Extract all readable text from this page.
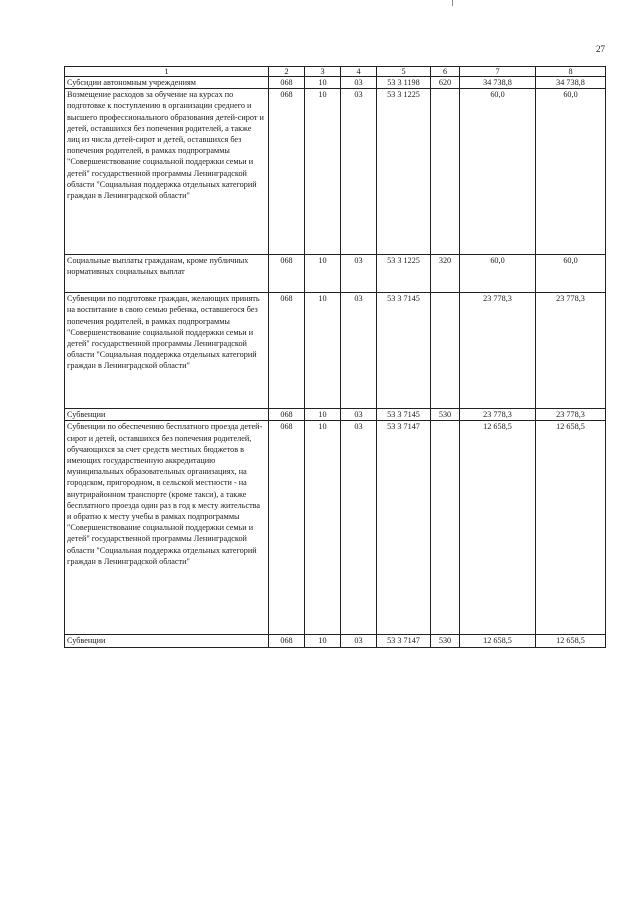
27
1	2	3	4	5	6	7	8
Субсидии автономным учреждениям	068	10	03	53 3 1198	620	34 738,8	34 738,8
Возмещение расходов за обучение на курсах по подготовке к поступлению в организации среднего и высшего профессионального образования детей-сирот и детей, оставшихся без попечения родителей, а также лиц из числа детей-сирот и детей, оставшихся без попечения родителей, в рамках подпрограммы "Совершенствование социальной поддержки семьи и детей" государственной программы Ленинградской области "Социальная поддержка отдельных категорий граждан в Ленинградской области"	068	10	03	53 3 1225		60,0	60,0
Социальные выплаты гражданам, кроме публичных нормативных социальных выплат	068	10	03	53 3 1225	320	60,0	60,0
Субвенции по подготовке граждан, желающих принять на воспитание в свою семью ребенка, оставшегося без попечения родителей, в рамках подпрограммы "Совершенствование социальной поддержки семьи и детей" государственной программы Ленинградской области "Социальная поддержка отдельных категорий граждан в Ленинградской области"	068	10	03	53 3 7145		23 778,3	23 778,3
Субвенции	068	10	03	53 3 7145	530	23 778,3	23 778,3
Субвенции по обеспечению бесплатного проезда детей-сирот и детей, оставшихся без попечения родителей, обучающихся за счет средств местных бюджетов в имеющих государственную аккредитацию муниципальных образовательных организациях, на городском, пригородном, в сельской местности - на внутрирайонном транспорте (кроме такси), а также бесплатного проезда один раз в год к месту жительства и обратно к месту учебы в рамках подпрограммы "Совершенствование социальной поддержки семьи и детей" государственной программы Ленинградской области "Социальная поддержка отдельных категорий граждан в Ленинградской области"	068	10	03	53 3 7147		12 658,5	12 658,5
Субвенции	068	10	03	53 3 7147	530	12 658,5	12 658,5
